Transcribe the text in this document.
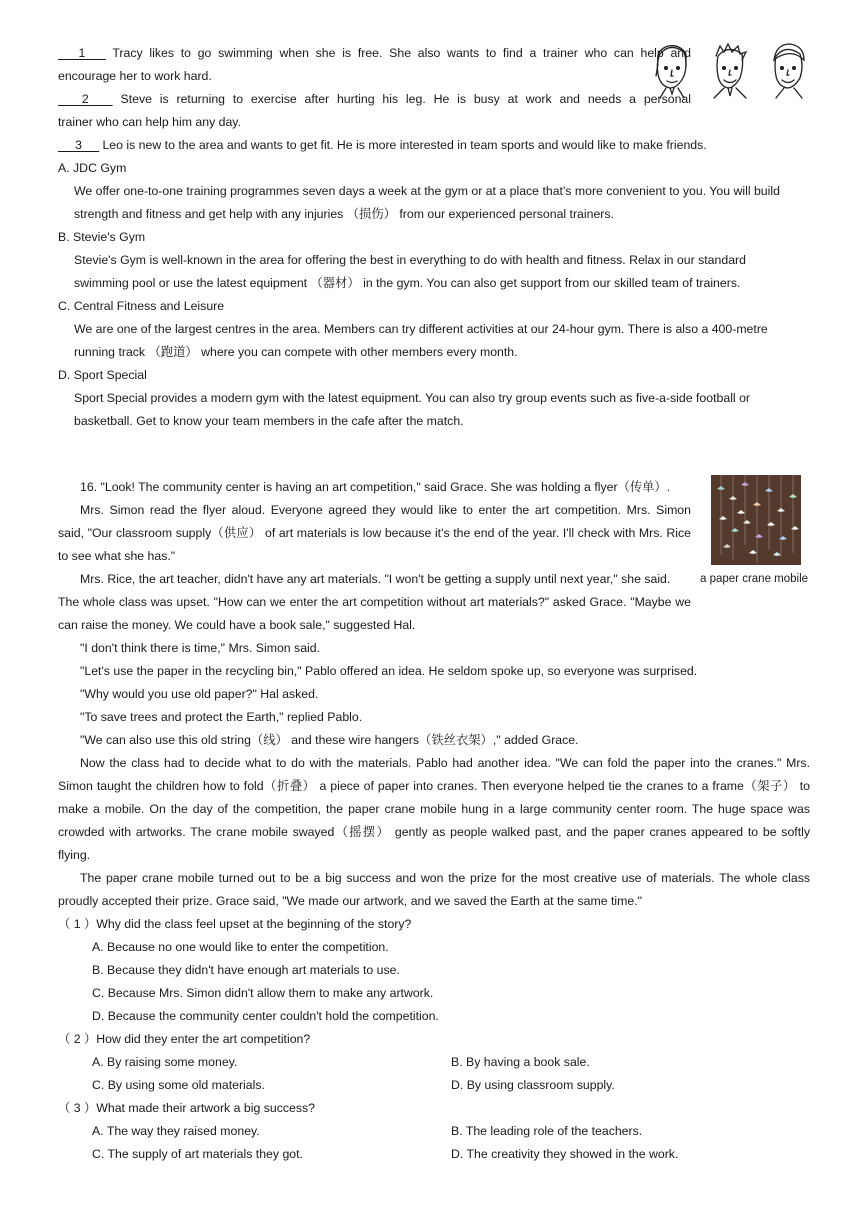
1 Tracy likes to go swimming when she is free. She also wants to find a trainer who can help and
encourage her to work hard.
2	Steve is returning to exercise after hurting his leg. He is busy at work and needs a personal
trainer who can help him any day.
3 Leo is new to the area and wants to get fit. He is more interested in team sports and would like to make friends.
A. JDC Gym
We offer one-to-one training programmes seven days a week at the gym or at a place that's more convenient to you. You will build
strength and fitness and get help with any injuries （损伤） from our experienced personal trainers.
B. Stevie's Gym
Stevie's Gym is well-known in the area for offering the best in everything to do with health and fitness. Relax in our standard
swimming pool or use the latest equipment （器材） in the gym. You can also get support from our skilled team of trainers.
C. Central Fitness and Leisure
We are one of the largest centres in the area. Members can try different activities at our 24-hour gym. There is also a 400-metre
running track （跑道） where you can compete with other members every month.
D. Sport Special
Sport Special provides a modern gym with the latest equipment. You can also try group events such as five-a-side football or
basketball. Get to know your team members in the cafe after the match.
a paper crane mobile
16. "Look! The community center is having an art competition," said Grace. She was holding a flyer（传单）.
Mrs. Simon read the flyer aloud. Everyone agreed they would like to enter the art competition. Mrs. Simon
said, "Our classroom supply（供应） of art materials is low because it's the end of the year. I'll check with Mrs. Rice
to see what she has."
Mrs. Rice, the art teacher, didn't have any art materials. "I won't be getting a supply until next year," she said.
The whole class was upset. "How can we enter the art competition without art materials?" asked Grace. "Maybe we
can raise the money. We could have a book sale," suggested Hal.
"I don't think there is time," Mrs. Simon said.
"Let's use the paper in the recycling bin," Pablo offered an idea. He seldom spoke up, so everyone was surprised.
"Why would you use old paper?" Hal asked.
"To save trees and protect the Earth," replied Pablo.
"We can also use this old string（线） and these wire hangers（铁丝衣架）," added Grace.
Now the class had to decide what to do with the materials. Pablo had another idea. "We can fold the paper into the cranes." Mrs.
Simon taught the children how to fold（折叠） a piece of paper into cranes. Then everyone helped tie the cranes to a frame（架子） to
make a mobile. On the day of the competition, the paper crane mobile hung in a large community center room. The huge space was
crowded with artworks. The crane mobile swayed（摇摆） gently as people walked past, and the paper cranes appeared to be softly
flying.
The paper crane mobile turned out to be a big success and won the prize for the most creative use of materials. The whole class
proudly accepted their prize. Grace said, "We made our artwork, and we saved the Earth at the same time."
（ 1 ）Why did the class feel upset at the beginning of the story?
A. Because no one would like to enter the competition.
B. Because they didn't have enough art materials to use.
C. Because Mrs. Simon didn't allow them to make any artwork.
D. Because the community center couldn't hold the competition.
（ 2 ）How did they enter the art competition?
A. By raising some money.	B. By having a book sale.
C. By using some old materials.	D. By using classroom supply.
（ 3 ）What made their artwork a big success?
A. The way they raised money.	B. The leading role of the teachers.
C. The supply of art materials they got.	D. The creativity they showed in the work.
